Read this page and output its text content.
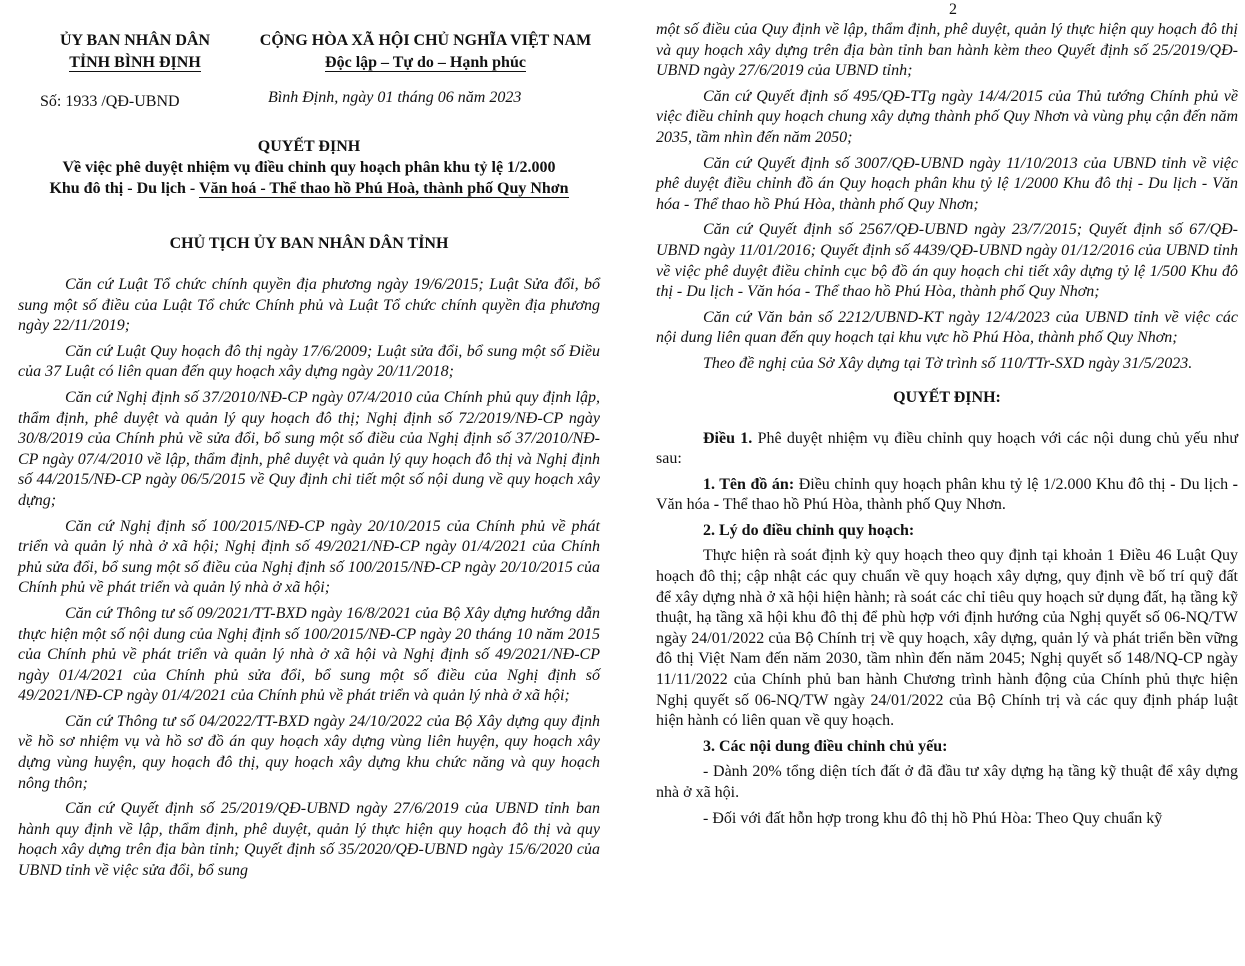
ỦY BAN NHÂN DÂN
TỈNH BÌNH ĐỊNH
CỘNG HÒA XÃ HỘI CHỦ NGHĨA VIỆT NAM
Độc lập – Tự do – Hạnh phúc
Số: 1933 /QĐ-UBND	Bình Định, ngày 01 tháng 06 năm 2023
QUYẾT ĐỊNH
Về việc phê duyệt nhiệm vụ điều chỉnh quy hoạch phân khu tỷ lệ 1/2.000
Khu đô thị - Du lịch - Văn hoá - Thể thao hồ Phú Hoà, thành phố Quy Nhơn
CHỦ TỊCH ỦY BAN NHÂN DÂN TỈNH

Căn cứ Luật Tổ chức chính quyền địa phương ngày 19/6/2015; Luật Sửa đổi, bổ sung một số điều của Luật Tổ chức Chính phủ và Luật Tổ chức chính quyền địa phương ngày 22/11/2019;

Căn cứ Luật Quy hoạch đô thị ngày 17/6/2009; Luật sửa đổi, bổ sung một số Điều của 37 Luật có liên quan đến quy hoạch xây dựng ngày 20/11/2018;

Căn cứ Nghị định số 37/2010/NĐ-CP ngày 07/4/2010 của Chính phủ quy định lập, thẩm định, phê duyệt và quản lý quy hoạch đô thị; Nghị định số 72/2019/NĐ-CP ngày 30/8/2019 của Chính phủ về sửa đổi, bổ sung một số điều của Nghị định số 37/2010/NĐ-CP ngày 07/4/2010 về lập, thẩm định, phê duyệt và quản lý quy hoạch đô thị và Nghị định số 44/2015/NĐ-CP ngày 06/5/2015 về Quy định chi tiết một số nội dung về quy hoạch xây dựng;

Căn cứ Nghị định số 100/2015/NĐ-CP ngày 20/10/2015 của Chính phủ về phát triển và quản lý nhà ở xã hội; Nghị định số 49/2021/NĐ-CP ngày 01/4/2021 của Chính phủ sửa đổi, bổ sung một số điều của Nghị định số 100/2015/NĐ-CP ngày 20/10/2015 của Chính phủ về phát triển và quản lý nhà ở xã hội;

Căn cứ Thông tư số 09/2021/TT-BXD ngày 16/8/2021 của Bộ Xây dựng hướng dẫn thực hiện một số nội dung của Nghị định số 100/2015/NĐ-CP ngày 20 tháng 10 năm 2015 của Chính phủ về phát triển và quản lý nhà ở xã hội và Nghị định số 49/2021/NĐ-CP ngày 01/4/2021 của Chính phủ sửa đổi, bổ sung một số điều của Nghị định số 49/2021/NĐ-CP ngày 01/4/2021 của Chính phủ về phát triển và quản lý nhà ở xã hội;

Căn cứ Thông tư số 04/2022/TT-BXD ngày 24/10/2022 của Bộ Xây dựng quy định về hồ sơ nhiệm vụ và hồ sơ đồ án quy hoạch xây dựng vùng liên huyện, quy hoạch xây dựng vùng huyện, quy hoạch đô thị, quy hoạch xây dựng khu chức năng và quy hoạch nông thôn;

Căn cứ Quyết định số 25/2019/QĐ-UBND ngày 27/6/2019 của UBND tỉnh ban hành quy định về lập, thẩm định, phê duyệt, quản lý thực hiện quy hoạch đô thị và quy hoạch xây dựng trên địa bàn tỉnh; Quyết định số 35/2020/QĐ-UBND ngày 15/6/2020 của UBND tỉnh về việc sửa đổi, bổ sung

2

một số điều của Quy định về lập, thẩm định, phê duyệt, quản lý thực hiện quy hoạch đô thị và quy hoạch xây dựng trên địa bàn tỉnh ban hành kèm theo Quyết định số 25/2019/QĐ-UBND ngày 27/6/2019 của UBND tỉnh;

Căn cứ Quyết định số 495/QĐ-TTg ngày 14/4/2015 của Thủ tướng Chính phủ về việc điều chỉnh quy hoạch chung xây dựng thành phố Quy Nhơn và vùng phụ cận đến năm 2035, tầm nhìn đến năm 2050;

Căn cứ Quyết định số 3007/QĐ-UBND ngày 11/10/2013 của UBND tỉnh về việc phê duyệt điều chỉnh đồ án Quy hoạch phân khu tỷ lệ 1/2000 Khu đô thị - Du lịch - Văn hóa - Thể thao hồ Phú Hòa, thành phố Quy Nhơn;

Căn cứ Quyết định số 2567/QĐ-UBND ngày 23/7/2015; Quyết định số 67/QĐ-UBND ngày 11/01/2016; Quyết định số 4439/QĐ-UBND ngày 01/12/2016 của UBND tỉnh về việc phê duyệt điều chỉnh cục bộ đồ án quy hoạch chi tiết xây dựng tỷ lệ 1/500 Khu đô thị - Du lịch - Văn hóa - Thể thao hồ Phú Hòa, thành phố Quy Nhơn;

Căn cứ Văn bản số 2212/UBND-KT ngày 12/4/2023 của UBND tỉnh về việc các nội dung liên quan đến quy hoạch tại khu vực hồ Phú Hòa, thành phố Quy Nhơn;

Theo đề nghị của Sở Xây dựng tại Tờ trình số 110/TTr-SXD ngày 31/5/2023.

QUYẾT ĐỊNH:

Điều 1. Phê duyệt nhiệm vụ điều chỉnh quy hoạch với các nội dung chủ yếu như sau:

1. Tên đồ án: Điều chỉnh quy hoạch phân khu tỷ lệ 1/2.000 Khu đô thị - Du lịch - Văn hóa - Thể thao hồ Phú Hòa, thành phố Quy Nhơn.

2. Lý do điều chỉnh quy hoạch:

Thực hiện rà soát định kỳ quy hoạch theo quy định tại khoản 1 Điều 46 Luật Quy hoạch đô thị; cập nhật các quy chuẩn về quy hoạch xây dựng, quy định về bố trí quỹ đất để xây dựng nhà ở xã hội hiện hành; rà soát các chỉ tiêu quy hoạch sử dụng đất, hạ tầng kỹ thuật, hạ tầng xã hội khu đô thị để phù hợp với định hướng của Nghị quyết số 06-NQ/TW ngày 24/01/2022 của Bộ Chính trị về quy hoạch, xây dựng, quản lý và phát triển bền vững đô thị Việt Nam đến năm 2030, tầm nhìn đến năm 2045; Nghị quyết số 148/NQ-CP ngày 11/11/2022 của Chính phủ ban hành Chương trình hành động của Chính phủ thực hiện Nghị quyết số 06-NQ/TW ngày 24/01/2022 của Bộ Chính trị và các quy định pháp luật hiện hành có liên quan về quy hoạch.

3. Các nội dung điều chỉnh chủ yếu:

- Dành 20% tổng diện tích đất ở đã đầu tư xây dựng hạ tầng kỹ thuật để xây dựng nhà ở xã hội.

- Đối với đất hỗn hợp trong khu đô thị hồ Phú Hòa: Theo Quy chuẩn kỹ
